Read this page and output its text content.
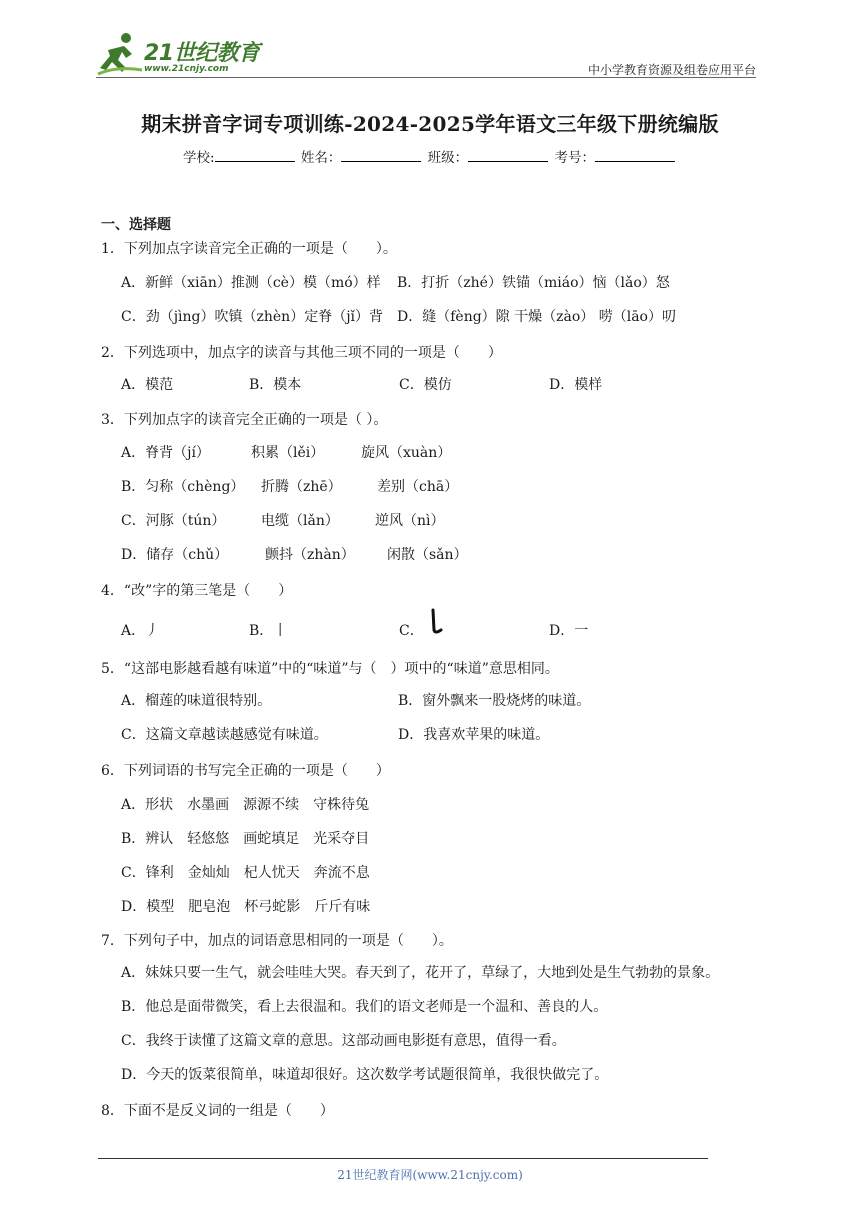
21世纪教育
www.21cnjy.com	中小学教育资源及组卷应用平台
期末拼音字词专项训练-2024-2025学年语文三年级下册统编版
学校:	姓名：	班级：	考号：
一、选择题
1．下列加点字读音完全正确的一项是（　　）。
A．新鲜（xiān）推测（cè）模（mó）样 B．打折（zhé）铁锚（miáo）恼（lǎo）怒
C．劲（jìng）吹镇（zhèn）定脊（jǐ）背 D．缝（fèng）隙 干燥（zào） 唠（lāo）叨
2．下列选项中，加点字的读音与其他三项不同的一项是（　　）
A．模范	B．模本	C．模仿	D．模样
3．下列加点字的读音完全正确的一项是（ ）。
A．脊背（jí）	积累（lěi）	旋风（xuàn）
B．匀称（chèng） 折腾（zhē）	差别（chā）
C．河豚（tún）	电缆（lǎn）	逆风（nì）
D．储存（chǔ）	颤抖（zhàn） 闲散（sǎn）
4．“改”字的第三笔是（　　）
A．丿	B．丨	C．	D．一
5．“这部电影越看越有味道”中的“味道”与（　）项中的“味道”意思相同。
A．榴莲的味道很特别。	B．窗外飘来一股烧烤的味道。
C．这篇文章越读越感觉有味道。	D．我喜欢苹果的味道。
6．下列词语的书写完全正确的一项是（　　）
A．形状　水墨画　源源不续　守株待兔
B．辨认　轻悠悠　画蛇填足　光采夺目
C．锋利　金灿灿　杞人忧天　奔流不息
D．模型　肥皂泡　杯弓蛇影　斤斤有味
7．下列句子中，加点的词语意思相同的一项是（　　）。
A．妹妹只要一生气，就会哇哇大哭。春天到了，花开了，草绿了，大地到处是生气勃勃的景象。
B．他总是面带微笑，看上去很温和。我们的语文老师是一个温和、善良的人。
C．我终于读懂了这篇文章的意思。这部动画电影挺有意思，值得一看。
D．今天的饭菜很简单，味道却很好。这次数学考试题很简单，我很快做完了。
8．下面不是反义词的一组是（　　）
21世纪教育网(www.21cnjy.com)
